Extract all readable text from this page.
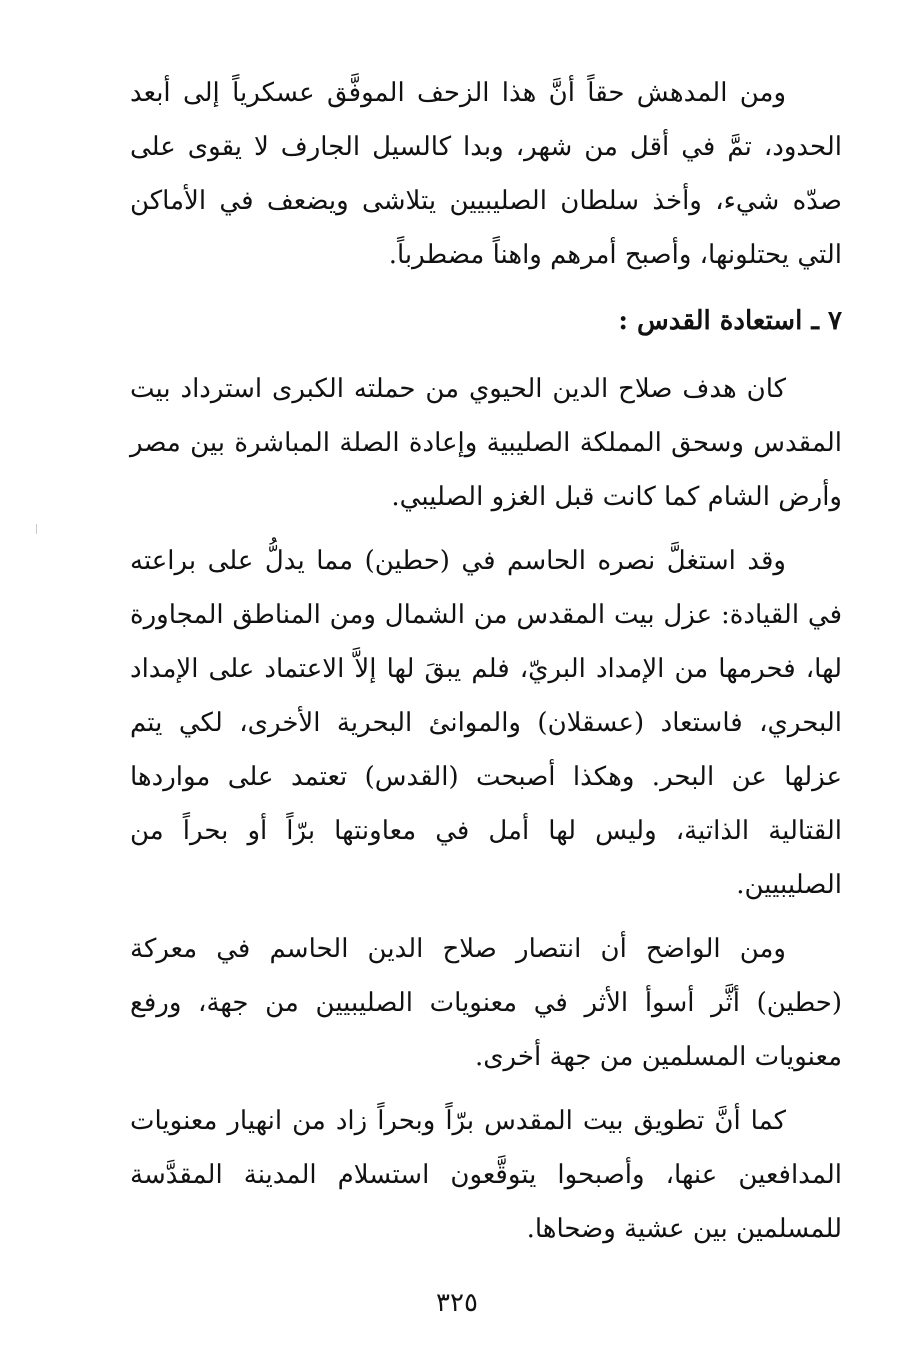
ومن المدهش حقاً أنَّ هذا الزحف الموفَّق عسكرياً إلى أبعد الحدود، تمَّ في أقل من شهر، وبدا كالسيل الجارف لا يقوى على صدّه شيء، وأخذ سلطان الصليبيين يتلاشى ويضعف في الأماكن التي يحتلونها، وأصبح أمرهم واهناً مضطرباً.

٧ ـ استعادة القدس :

كان هدف صلاح الدين الحيوي من حملته الكبرى استرداد بيت المقدس وسحق المملكة الصليبية وإعادة الصلة المباشرة بين مصر وأرض الشام كما كانت قبل الغزو الصليبي.

وقد استغلَّ نصره الحاسم في (حطين) مما يدلُّ على براعته في القيادة: عزل بيت المقدس من الشمال ومن المناطق المجاورة لها، فحرمها من الإمداد البريّ، فلم يبقَ لها إلاَّ الاعتماد على الإمداد البحري، فاستعاد (عسقلان) والموانئ البحرية الأخرى، لكي يتم عزلها عن البحر. وهكذا أصبحت (القدس) تعتمد على مواردها القتالية الذاتية، وليس لها أمل في معاونتها برّاً أو بحراً من الصليبيين.

ومن الواضح أن انتصار صلاح الدين الحاسم في معركة (حطين) أثَّر أسوأ الأثر في معنويات الصليبيين من جهة، ورفع معنويات المسلمين من جهة أخرى.

كما أنَّ تطويق بيت المقدس برّاً وبحراً زاد من انهيار معنويات المدافعين عنها، وأصبحوا يتوقَّعون استسلام المدينة المقدَّسة للمسلمين بين عشية وضحاها.

٣٢٥
